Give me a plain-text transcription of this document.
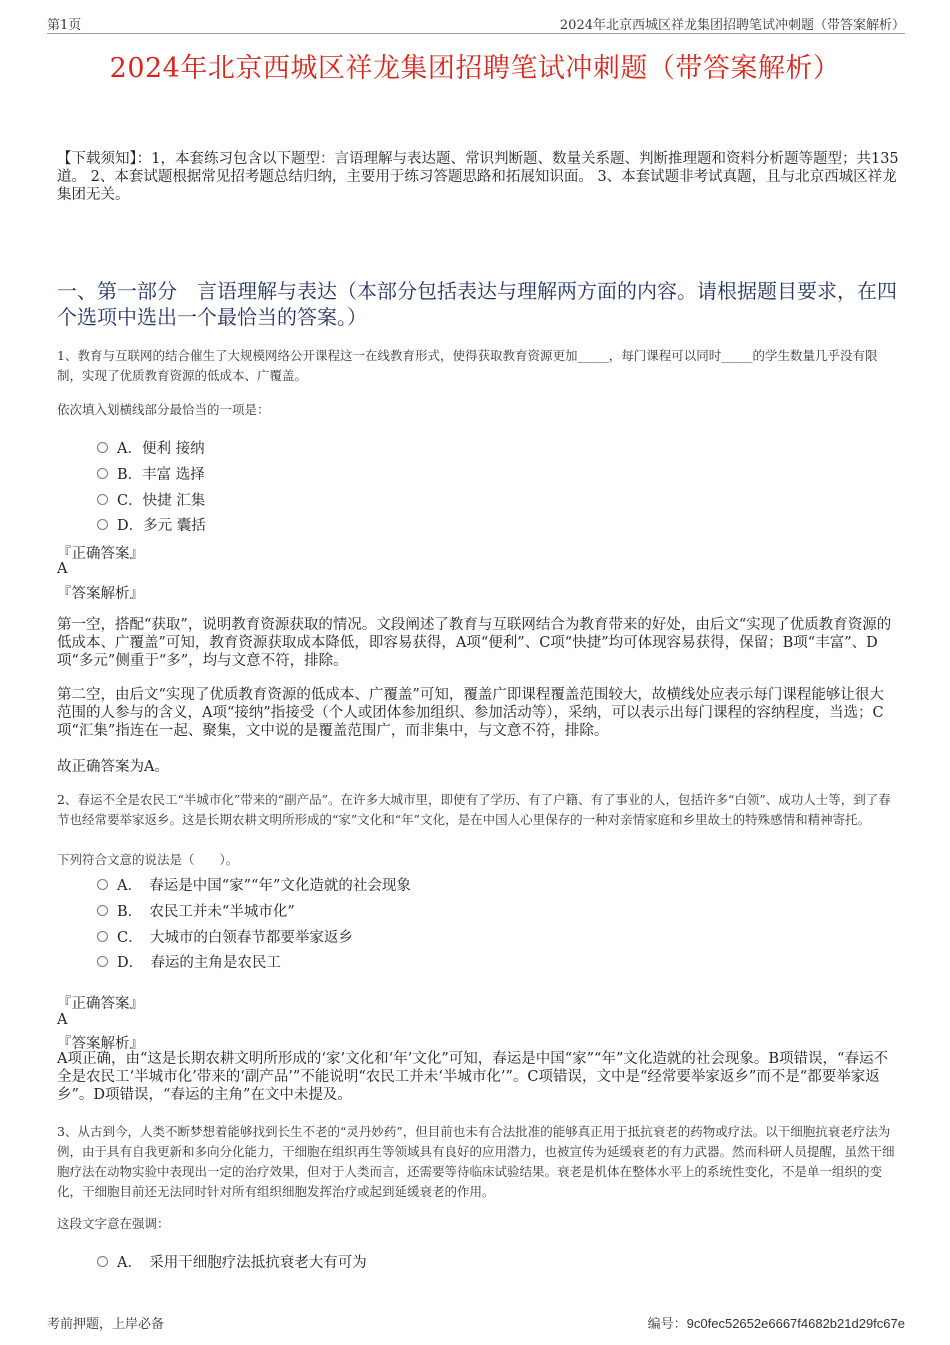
第1页	2024年北京西城区祥龙集团招聘笔试冲刺题（带答案解析）
2024年北京西城区祥龙集团招聘笔试冲刺题（带答案解析）
【下载须知】：1，本套练习包含以下题型：言语理解与表达题、常识判断题、数量关系题、判断推理题和资料分析题等题型；共135道。 2、本套试题根据常见招考题总结归纳，主要用于练习答题思路和拓展知识面。 3、本套试题非考试真题，且与北京西城区祥龙集团无关。
一、第一部分　言语理解与表达（本部分包括表达与理解两方面的内容。请根据题目要求，在四个选项中选出一个最恰当的答案。）
1、教育与互联网的结合催生了大规模网络公开课程这一在线教育形式，使得获取教育资源更加_____，每门课程可以同时_____的学生数量几乎没有限制，实现了优质教育资源的低成本、广覆盖。
依次填入划横线部分最恰当的一项是：
A．便利 接纳
B．丰富 选择
C．快捷 汇集
D．多元 囊括
『正确答案』
A
『答案解析』
第一空，搭配“获取”，说明教育资源获取的情况。文段阐述了教育与互联网结合为教育带来的好处，由后文“实现了优质教育资源的低成本、广覆盖”可知，教育资源获取成本降低，即容易获得，A项“便利”、C项“快捷”均可体现容易获得，保留；B项“丰富”、D项“多元”侧重于“多”，均与文意不符，排除。
第二空，由后文“实现了优质教育资源的低成本、广覆盖”可知，覆盖广即课程覆盖范围较大，故横线处应表示每门课程能够让很大范围的人参与的含义，A项“接纳”指接受（个人或团体参加组织、参加活动等），采纳，可以表示出每门课程的容纳程度，当选；C项“汇集”指连在一起、聚集，文中说的是覆盖范围广，而非集中，与文意不符，排除。
故正确答案为A。
2、春运不全是农民工“半城市化”带来的“副产品”。在许多大城市里，即使有了学历、有了户籍、有了事业的人，包括许多“白领”、成功人士等，到了春节也经常要举家返乡。这是长期农耕文明所形成的“家”文化和“年”文化，是在中国人心里保存的一种对亲情家庭和乡里故土的特殊感情和精神寄托。
下列符合文意的说法是（　　）。
A．　春运是中国“家”“年”文化造就的社会现象
B．　农民工并未“半城市化”
C．　大城市的白领春节都要举家返乡
D．　春运的主角是农民工
『正确答案』
A
『答案解析』
A项正确，由“这是长期农耕文明所形成的‘家’文化和‘年’文化”可知，春运是中国“家”“年”文化造就的社会现象。B项错误，“春运不全是农民工‘半城市化’带来的‘副产品’”不能说明“农民工并未‘半城市化’”。C项错误，文中是“经常要举家返乡”而不是“都要举家返乡”。D项错误，“春运的主角”在文中未提及。
3、从古到今，人类不断梦想着能够找到长生不老的“灵丹妙药”，但目前也未有合法批准的能够真正用于抵抗衰老的药物或疗法。以干细胞抗衰老疗法为例，由于具有自我更新和多向分化能力，干细胞在组织再生等领域具有良好的应用潜力，也被宣传为延缓衰老的有力武器。然而科研人员提醒，虽然干细胞疗法在动物实验中表现出一定的治疗效果，但对于人类而言，还需要等待临床试验结果。衰老是机体在整体水平上的系统性变化，不是单一组织的变化，干细胞目前还无法同时针对所有组织细胞发挥治疗或起到延缓衰老的作用。
这段文字意在强调：
A．　采用干细胞疗法抵抗衰老大有可为
考前押题，上岸必备	编号：9c0fec52652e6667f4682b21d29fc67e
